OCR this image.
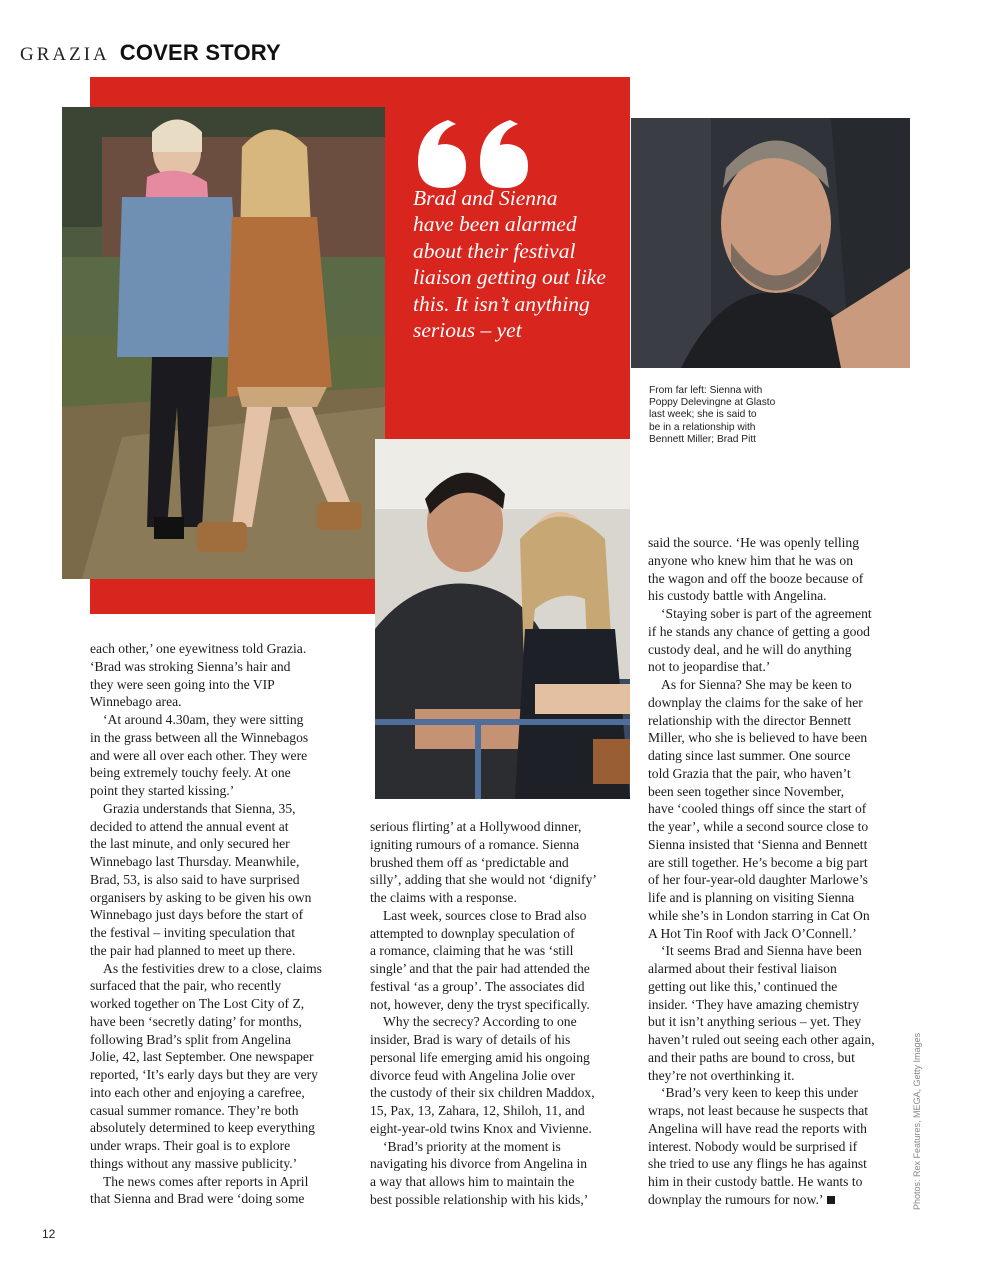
GRAZIA COVER STORY
Brad and Sienna
have been alarmed
about their festival
liaison getting out like
this. It isn’t anything
serious – yet
From far left: Sienna with
Poppy Delevingne at Glasto
last week; she is said to
be in a relationship with
Bennett Miller; Brad Pitt

each other,’ one eyewitness told Grazia.
‘Brad was stroking Sienna’s hair and
they were seen going into the VIP
Winnebago area.

‘At around 4.30am, they were sitting
in the grass between all the Winnebagos
and were all over each other. They were
being extremely touchy feely. At one
point they started kissing.’

Grazia understands that Sienna, 35,
decided to attend the annual event at
the last minute, and only secured her
Winnebago last Thursday. Meanwhile,
Brad, 53, is also said to have surprised
organisers by asking to be given his own
Winnebago just days before the start of
the festival – inviting speculation that
the pair had planned to meet up there.

As the festivities drew to a close, claims
surfaced that the pair, who recently
worked together on The Lost City of Z,
have been ‘secretly dating’ for months,
following Brad’s split from Angelina
Jolie, 42, last September. One newspaper
reported, ‘It’s early days but they are very
into each other and enjoying a carefree,
casual summer romance. They’re both
absolutely determined to keep everything
under wraps. Their goal is to explore
things without any massive publicity.’

The news comes after reports in April
that Sienna and Brad were ‘doing some

serious flirting’ at a Hollywood dinner,
igniting rumours of a romance. Sienna
brushed them off as ‘predictable and
silly’, adding that she would not ‘dignify’
the claims with a response.

Last week, sources close to Brad also
attempted to downplay speculation of
a romance, claiming that he was ‘still
single’ and that the pair had attended the
festival ‘as a group’. The associates did
not, however, deny the tryst specifically.

Why the secrecy? According to one
insider, Brad is wary of details of his
personal life emerging amid his ongoing
divorce feud with Angelina Jolie over
the custody of their six children Maddox,
15, Pax, 13, Zahara, 12, Shiloh, 11, and
eight-year-old twins Knox and Vivienne.

‘Brad’s priority at the moment is
navigating his divorce from Angelina in
a way that allows him to maintain the
best possible relationship with his kids,’

said the source. ‘He was openly telling
anyone who knew him that he was on
the wagon and off the booze because of
his custody battle with Angelina.

‘Staying sober is part of the agreement
if he stands any chance of getting a good
custody deal, and he will do anything
not to jeopardise that.’

As for Sienna? She may be keen to
downplay the claims for the sake of her
relationship with the director Bennett
Miller, who she is believed to have been
dating since last summer. One source
told Grazia that the pair, who haven’t
been seen together since November,
have ‘cooled things off since the start of
the year’, while a second source close to
Sienna insisted that ‘Sienna and Bennett
are still together. He’s become a big part
of her four-year-old daughter Marlowe’s
life and is planning on visiting Sienna
while she’s in London starring in Cat On
A Hot Tin Roof with Jack O’Connell.’

‘It seems Brad and Sienna have been
alarmed about their festival liaison
getting out like this,’ continued the
insider. ‘They have amazing chemistry
but it isn’t anything serious – yet. They
haven’t ruled out seeing each other again,
and their paths are bound to cross, but
they’re not overthinking it.

‘Brad’s very keen to keep this under
wraps, not least because he suspects that
Angelina will have read the reports with
interest. Nobody would be surprised if
she tried to use any flings he has against
him in their custody battle. He wants to
downplay the rumours for now.’	Photos: Rex Features, MEGA, Getty Images
12
